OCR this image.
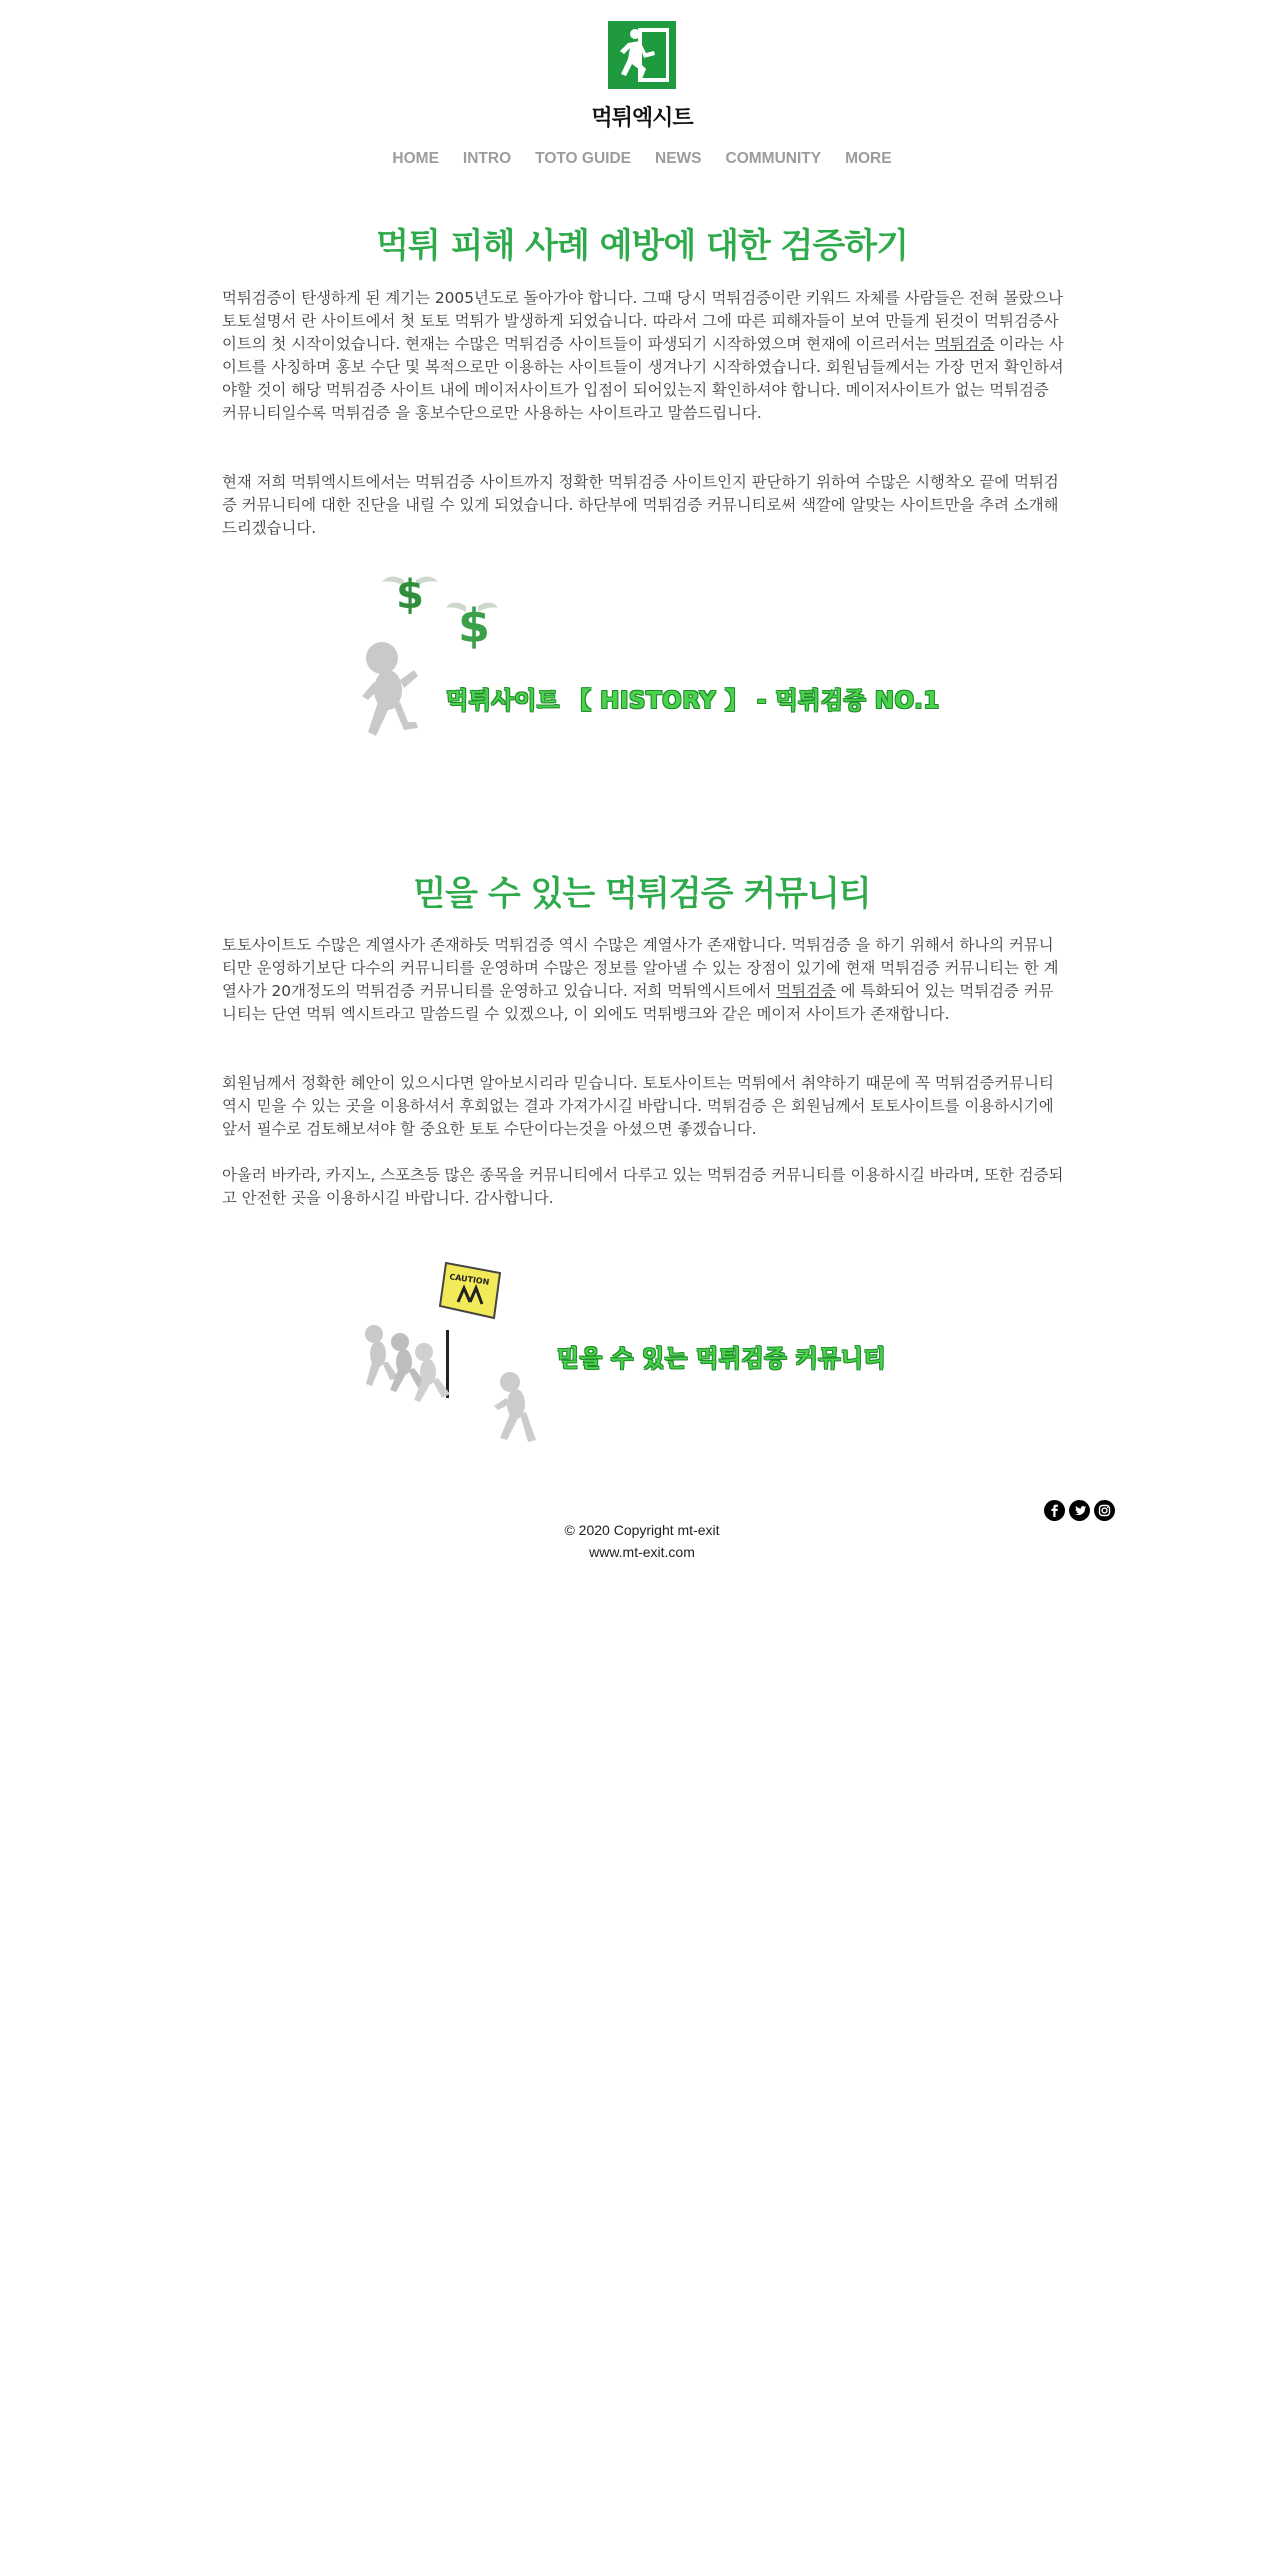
먹튀엑시트
HOME INTRO TOTO GUIDE NEWS COMMUNITY MORE
먹튀 피해 사례 예방에 대한 검증하기
먹튀검증이 탄생하게 된 계기는 2005년도로 돌아가야 합니다. 그때 당시 먹튀검증이란 키워드 자체를 사람들은 전혀 몰랐으나 토토설명서 란 사이트에서 첫 토토 먹튀가 발생하게 되었습니다. 따라서 그에 따른 피해자들이 보여 만들게 된것이 먹튀검증사이트의 첫 시작이었습니다. 현재는 수많은 먹튀검증 사이트들이 파생되기 시작하였으며 현재에 이르러서는 먹튀검증 이라는 사이트를 사칭하며 홍보 수단 및 복적으로만 이용하는 사이트들이 생겨나기 시작하였습니다. 회원님들께서는 가장 먼저 확인하셔야할 것이 해당 먹튀검증 사이트 내에 메이저사이트가 입점이 되어있는지 확인하셔야 합니다. 메이저사이트가 없는 먹튀검증 커뮤니티일수록 먹튀검증 을 홍보수단으로만 사용하는 사이트라고 말씀드립니다.
현재 저희 먹튀엑시트에서는 먹튀검증 사이트까지 정확한 먹튀검증 사이트인지 판단하기 위하여 수많은 시행착오 끝에 먹튀검증 커뮤니티에 대한 진단을 내릴 수 있게 되었습니다. 하단부에 먹튀검증 커뮤니티로써 색깔에 알맞는 사이트만을 추려 소개해드리겠습니다.
$
$
먹튀사이트 【 HISTORY 】 - 먹튀검증 NO.1
믿을 수 있는 먹튀검증 커뮤니티
토토사이트도 수많은 계열사가 존재하듯 먹튀검증 역시 수많은 계열사가 존재합니다. 먹튀검증 을 하기 위해서 하나의 커뮤니티만 운영하기보단 다수의 커뮤니티를 운영하며 수많은 정보를 알아낼 수 있는 장점이 있기에 현재 먹튀검증 커뮤니티는 한 계열사가 20개정도의 먹튀검증 커뮤니티를 운영하고 있습니다. 저희 먹튀엑시트에서 먹튀검증 에 특화되어 있는 먹튀검증 커뮤니티는 단연 먹튀 엑시트라고 말씀드릴 수 있겠으나, 이 외에도 먹튀뱅크와 같은 메이저 사이트가 존재합니다.
회원님께서 정확한 혜안이 있으시다면 알아보시리라 믿습니다. 토토사이트는 먹튀에서 취약하기 때문에 꼭 먹튀검증커뮤니티 역시 믿을 수 있는 곳을 이용하셔서 후회없는 결과 가져가시길 바랍니다. 먹튀검증 은 회원님께서 토토사이트를 이용하시기에 앞서 필수로 검토해보셔야 할 중요한 토토 수단이다는것을 아셨으면 좋겠습니다.
아울러 바카라, 카지노, 스포츠등 많은 종목을 커뮤니티에서 다루고 있는 먹튀검증 커뮤니티를 이용하시길 바라며, 또한 검증되고 안전한 곳을 이용하시길 바랍니다. 감사합니다.
CAUTION
믿을 수 있는 먹튀검증 커뮤니티

© 2020 Copyright mt-exit
www.mt-exit.com
